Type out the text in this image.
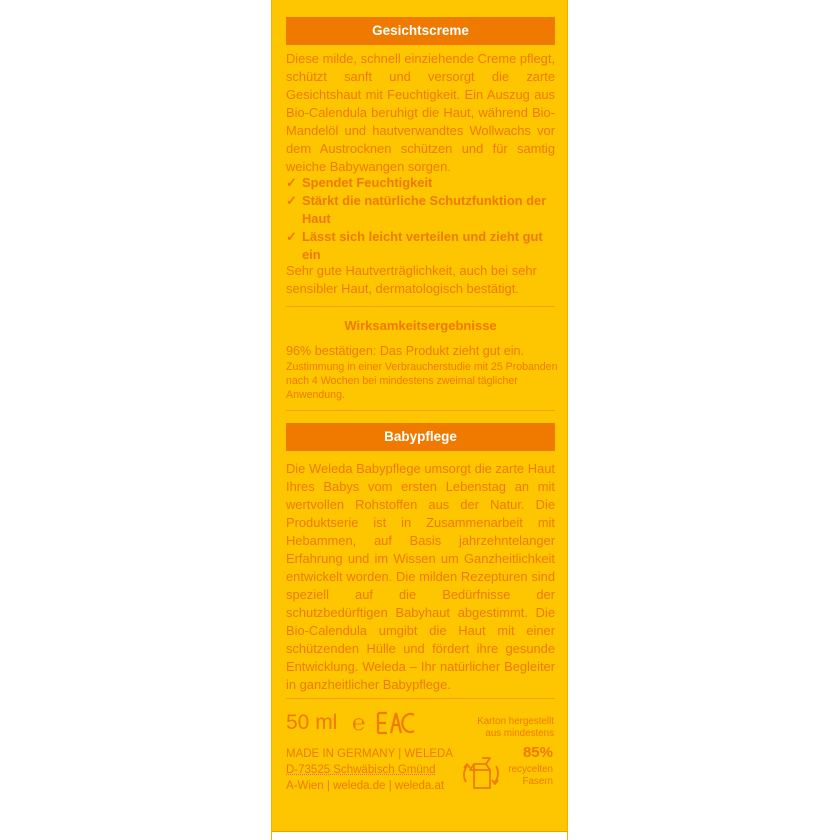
Gesichtscreme

Diese milde, schnell einziehende Creme pflegt, schützt sanft und versorgt die zarte Gesichtshaut mit Feuchtigkeit. Ein Auszug aus Bio-Calendula beruhigt die Haut, während Bio-Mandelöl und hautverwandtes Wollwachs vor dem Austrocknen schützen und für samtig weiche Babywangen sorgen.

✓ Spendet Feuchtigkeit
✓ Stärkt die natürliche Schutzfunktion der Haut
✓ Lässt sich leicht verteilen und zieht gut ein

Sehr gute Hautverträglichkeit, auch bei sehr sensibler Haut, dermatologisch bestätigt.

Wirksamkeitsergebnisse

96% bestätigen: Das Produkt zieht gut ein.

Zustimmung in einer Verbraucherstudie mit 25 Probanden nach 4 Wochen bei mindestens zweimal täglicher Anwendung.

Babypflege

Die Weleda Babypflege umsorgt die zarte Haut Ihres Babys vom ersten Lebenstag an mit wertvollen Rohstoffen aus der Natur. Die Produktserie ist in Zusammenarbeit mit Hebammen, auf Basis jahrzehntelanger Erfahrung und im Wissen um Ganzheitlichkeit entwickelt worden. Die milden Rezepturen sind speziell auf die Bedürfnisse der schutzbedürftigen Babyhaut abgestimmt. Die Bio-Calendula umgibt die Haut mit einer schützenden Hülle und fördert ihre gesunde Entwicklung. Weleda – Ihr natürlicher Begleiter in ganzheitlicher Babypflege.

50 ml ℮
MADE IN GERMANY | WELEDA
D-73525 Schwäbisch Gmünd
A-Wien | weleda.de | weleda.at
Karton hergestellt
aus mindestens
85%
recycelten
Fasern
